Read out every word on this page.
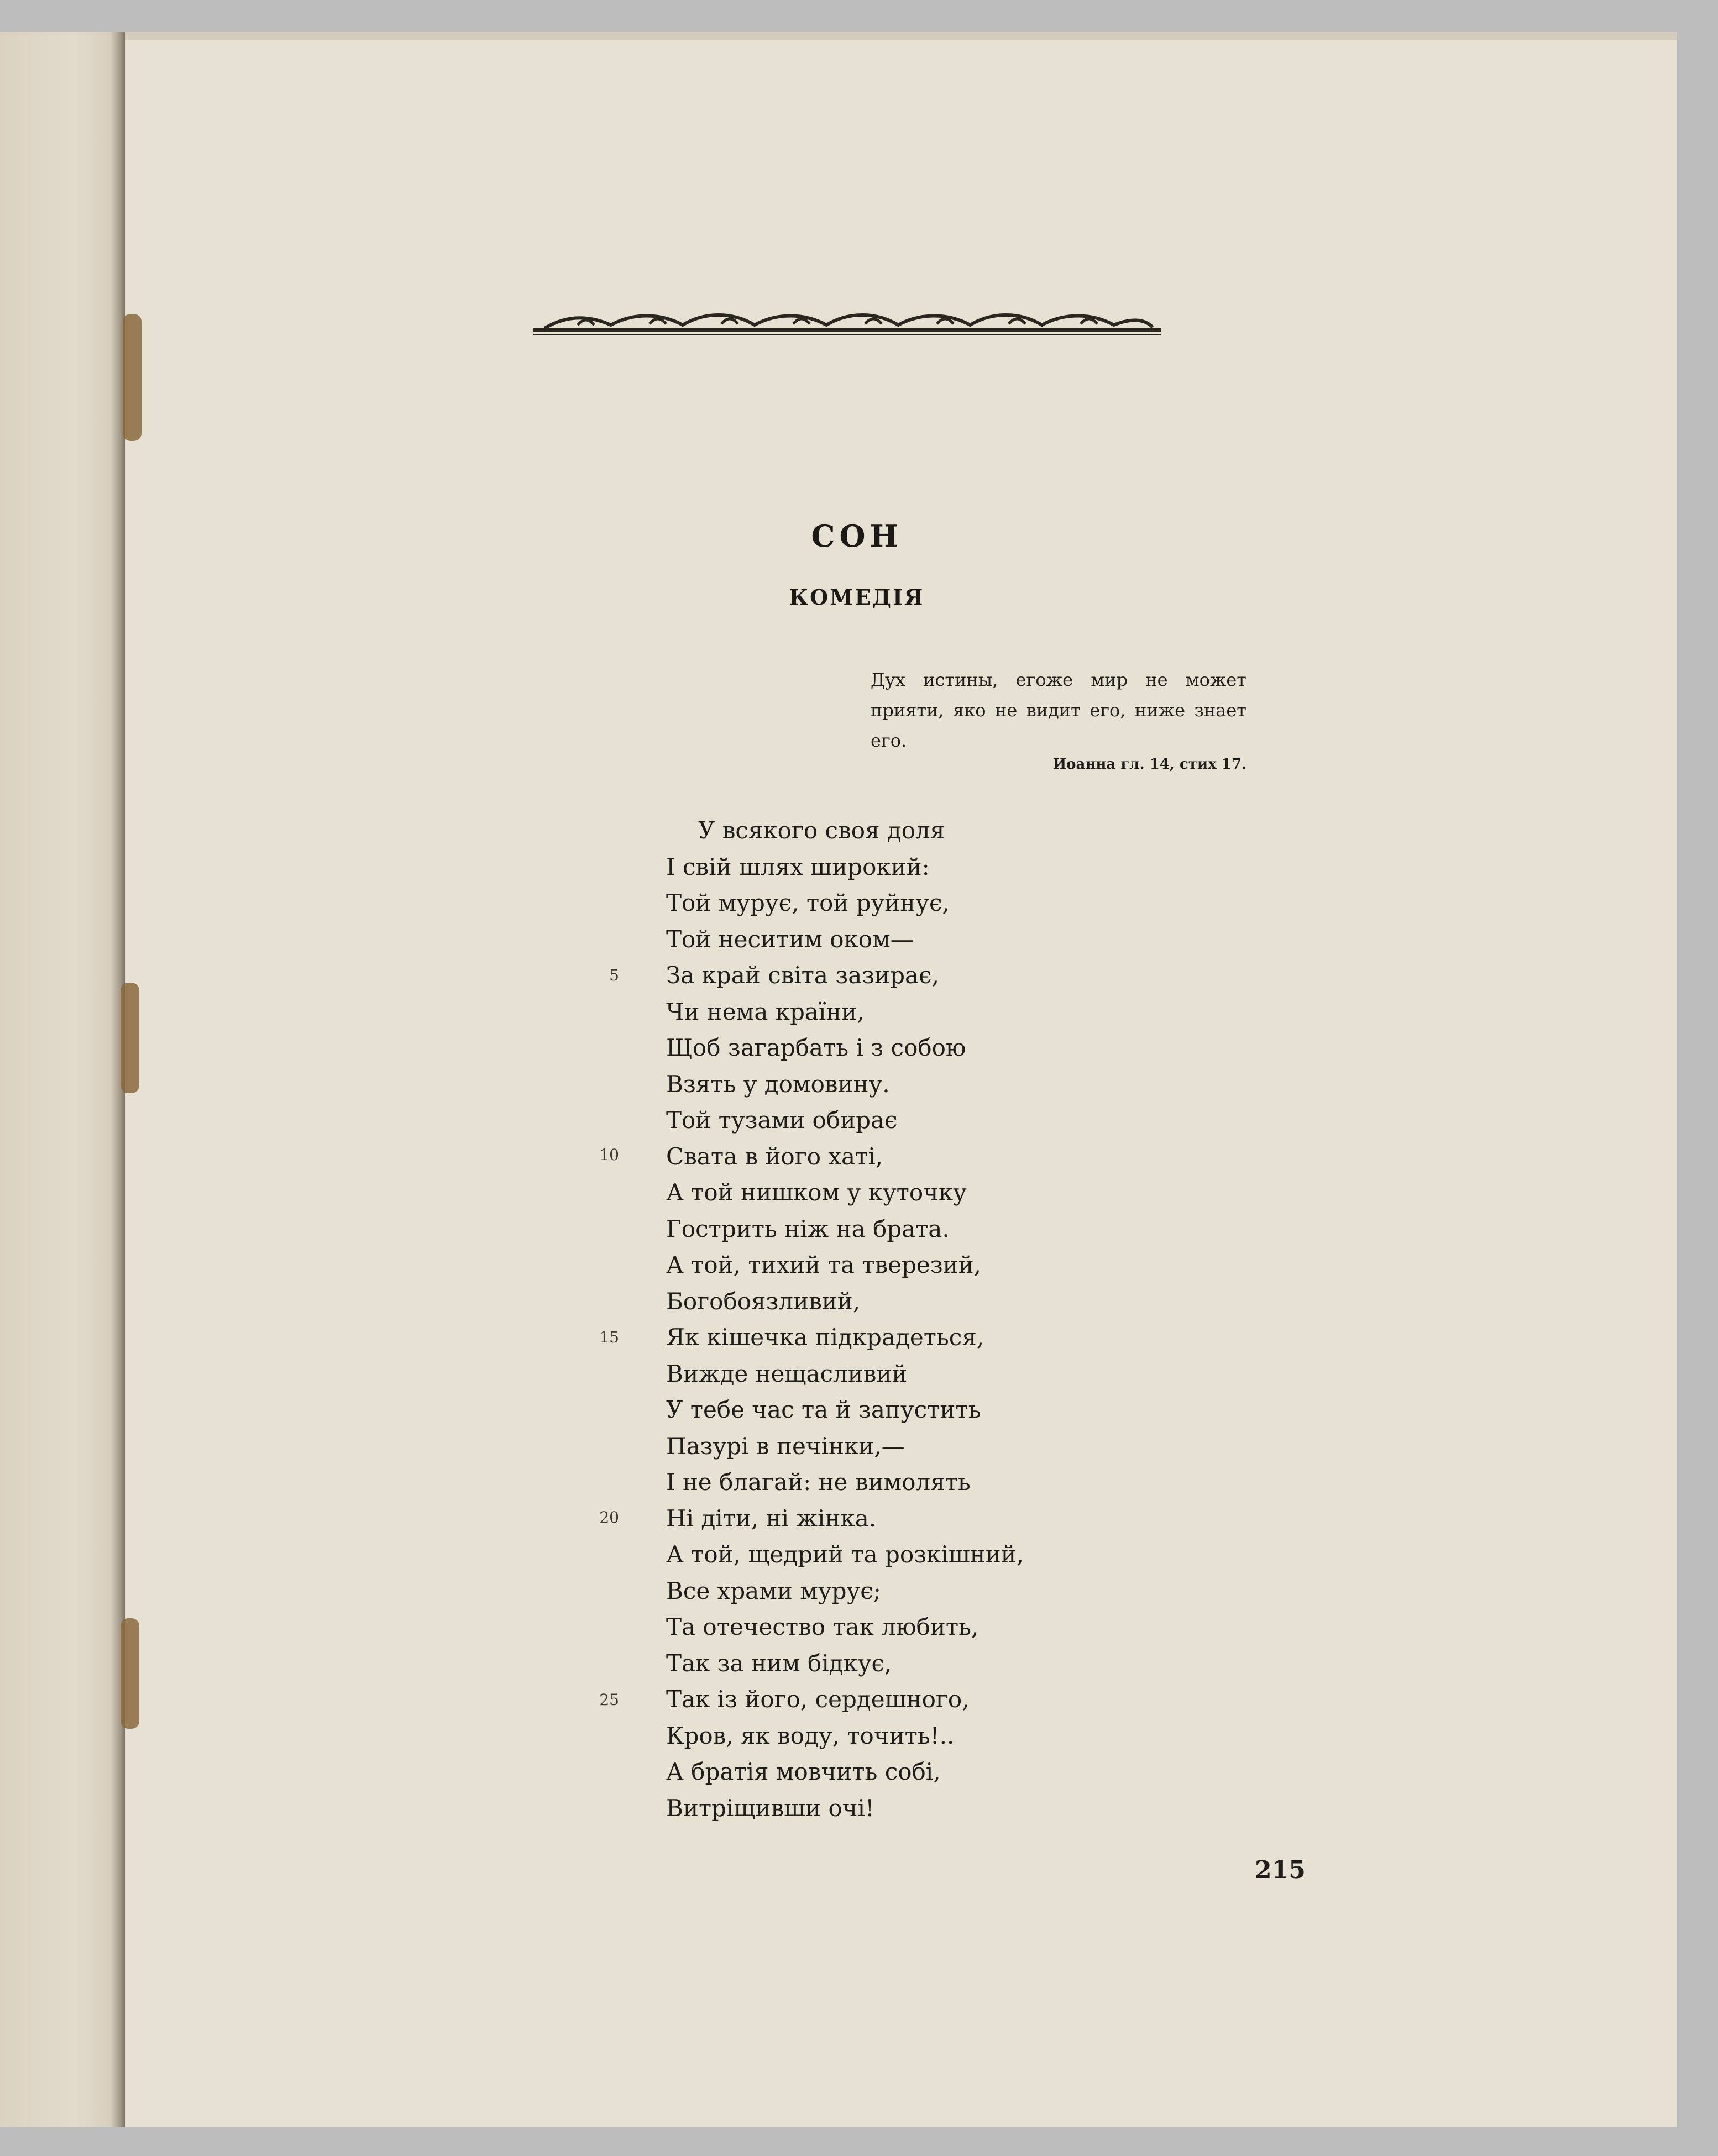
СОН
КОМЕДІЯ
Дух истины, егоже мир не может прияти, яко не видит его, ниже знает его.
Иоанна гл. 14, стих 17.
У всякого своя доля
І свій шлях широкий:
Той мурує, той руйнує,
Той неситим оком—
За край світа зазирає,
Чи нема країни,
Щоб загарбать і з собою
Взять у домовину.
Той тузами обирає
Свата в його хаті,
А той нишком у куточку
Гострить ніж на брата.
А той, тихий та тверезий,
Богобоязливий,
Як кішечка підкрадеться,
Вижде нещасливий
У тебе час та й запустить
Пазурі в печінки,—
І не благай: не вимолять
Ні діти, ні жінка.
А той, щедрий та розкішний,
Все храми мурує;
Та отечество так любить,
Так за ним бідкує,
Так із його, сердешного,
Кров, як воду, точить!..
А братія мовчить собі,
Витріщивши очі!
5
10
15
20
25
215
